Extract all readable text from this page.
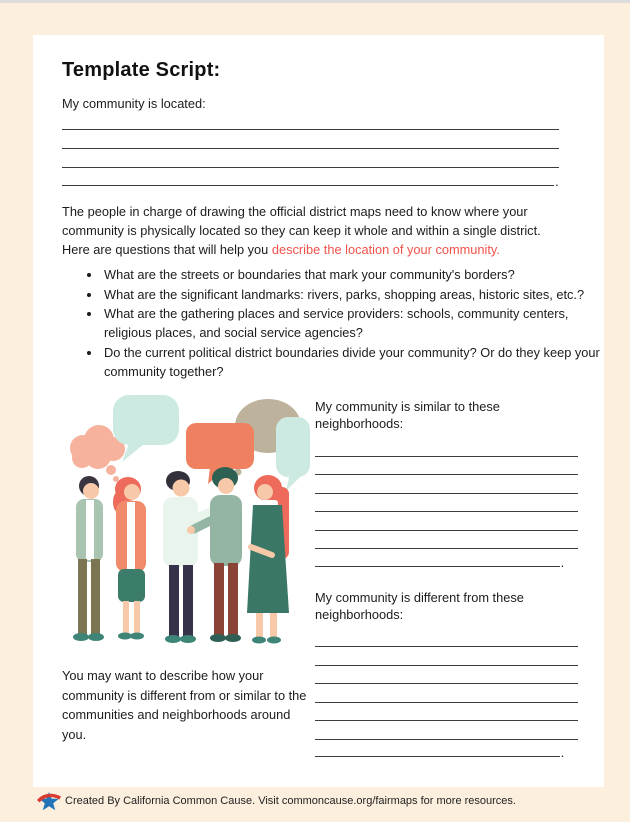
Template Script:
My community is located:
.
The people in charge of drawing the official district maps need to know where your community is physically located so they can keep it whole and within a single district. Here are questions that will help you describe the location of your community.
• What are the streets or boundaries that mark your community's borders?
• What are the significant landmarks: rivers, parks, shopping areas, historic sites, etc.?
• What are the gathering places and service providers: schools, community centers, religious places, and social service agencies?
• Do the current political district boundaries divide your community? Or do they keep your community together?
My community is similar to these neighborhoods:
.
My community is different from these neighborhoods:
.
You may want to describe how your community is different from or similar to the communities and neighborhoods around you.
Created By California Common Cause. Visit commoncause.org/fairmaps for more resources.
